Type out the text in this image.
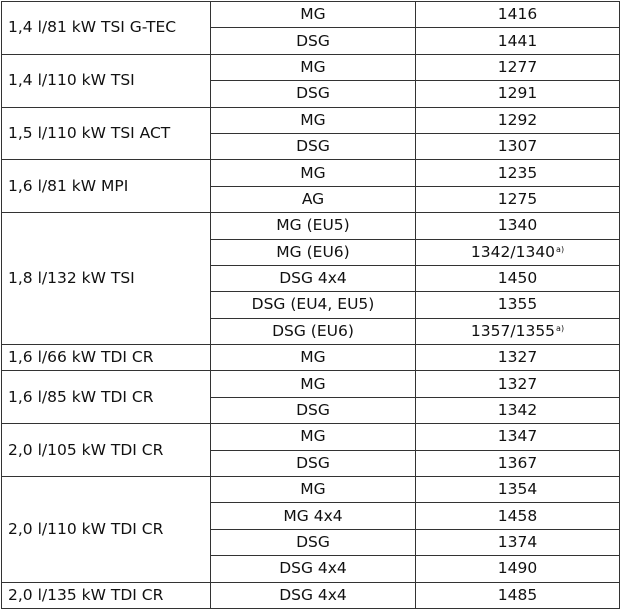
1,4 l/81 kW TSI G-TEC	MG	1416
	DSG	1441
1,4 l/110 kW TSI	MG	1277
	DSG	1291
1,5 l/110 kW TSI ACT	MG	1292
	DSG	1307
1,6 l/81 kW MPI	MG	1235
	AG	1275
1,8 l/132 kW TSI	MG (EU5)	1340
	MG (EU6)	1342/1340$^{a)}$
	DSG 4x4	1450
	DSG (EU4, EU5)	1355
	DSG (EU6)	1357/1355$^{a)}$
1,6 l/66 kW TDI CR	MG	1327
1,6 l/85 kW TDI CR	MG	1327
	DSG	1342
2,0 l/105 kW TDI CR	MG	1347
	DSG	1367
2,0 l/110 kW TDI CR	MG	1354
	MG 4x4	1458
	DSG	1374
	DSG 4x4	1490
2,0 l/135 kW TDI CR	DSG 4x4	1485
